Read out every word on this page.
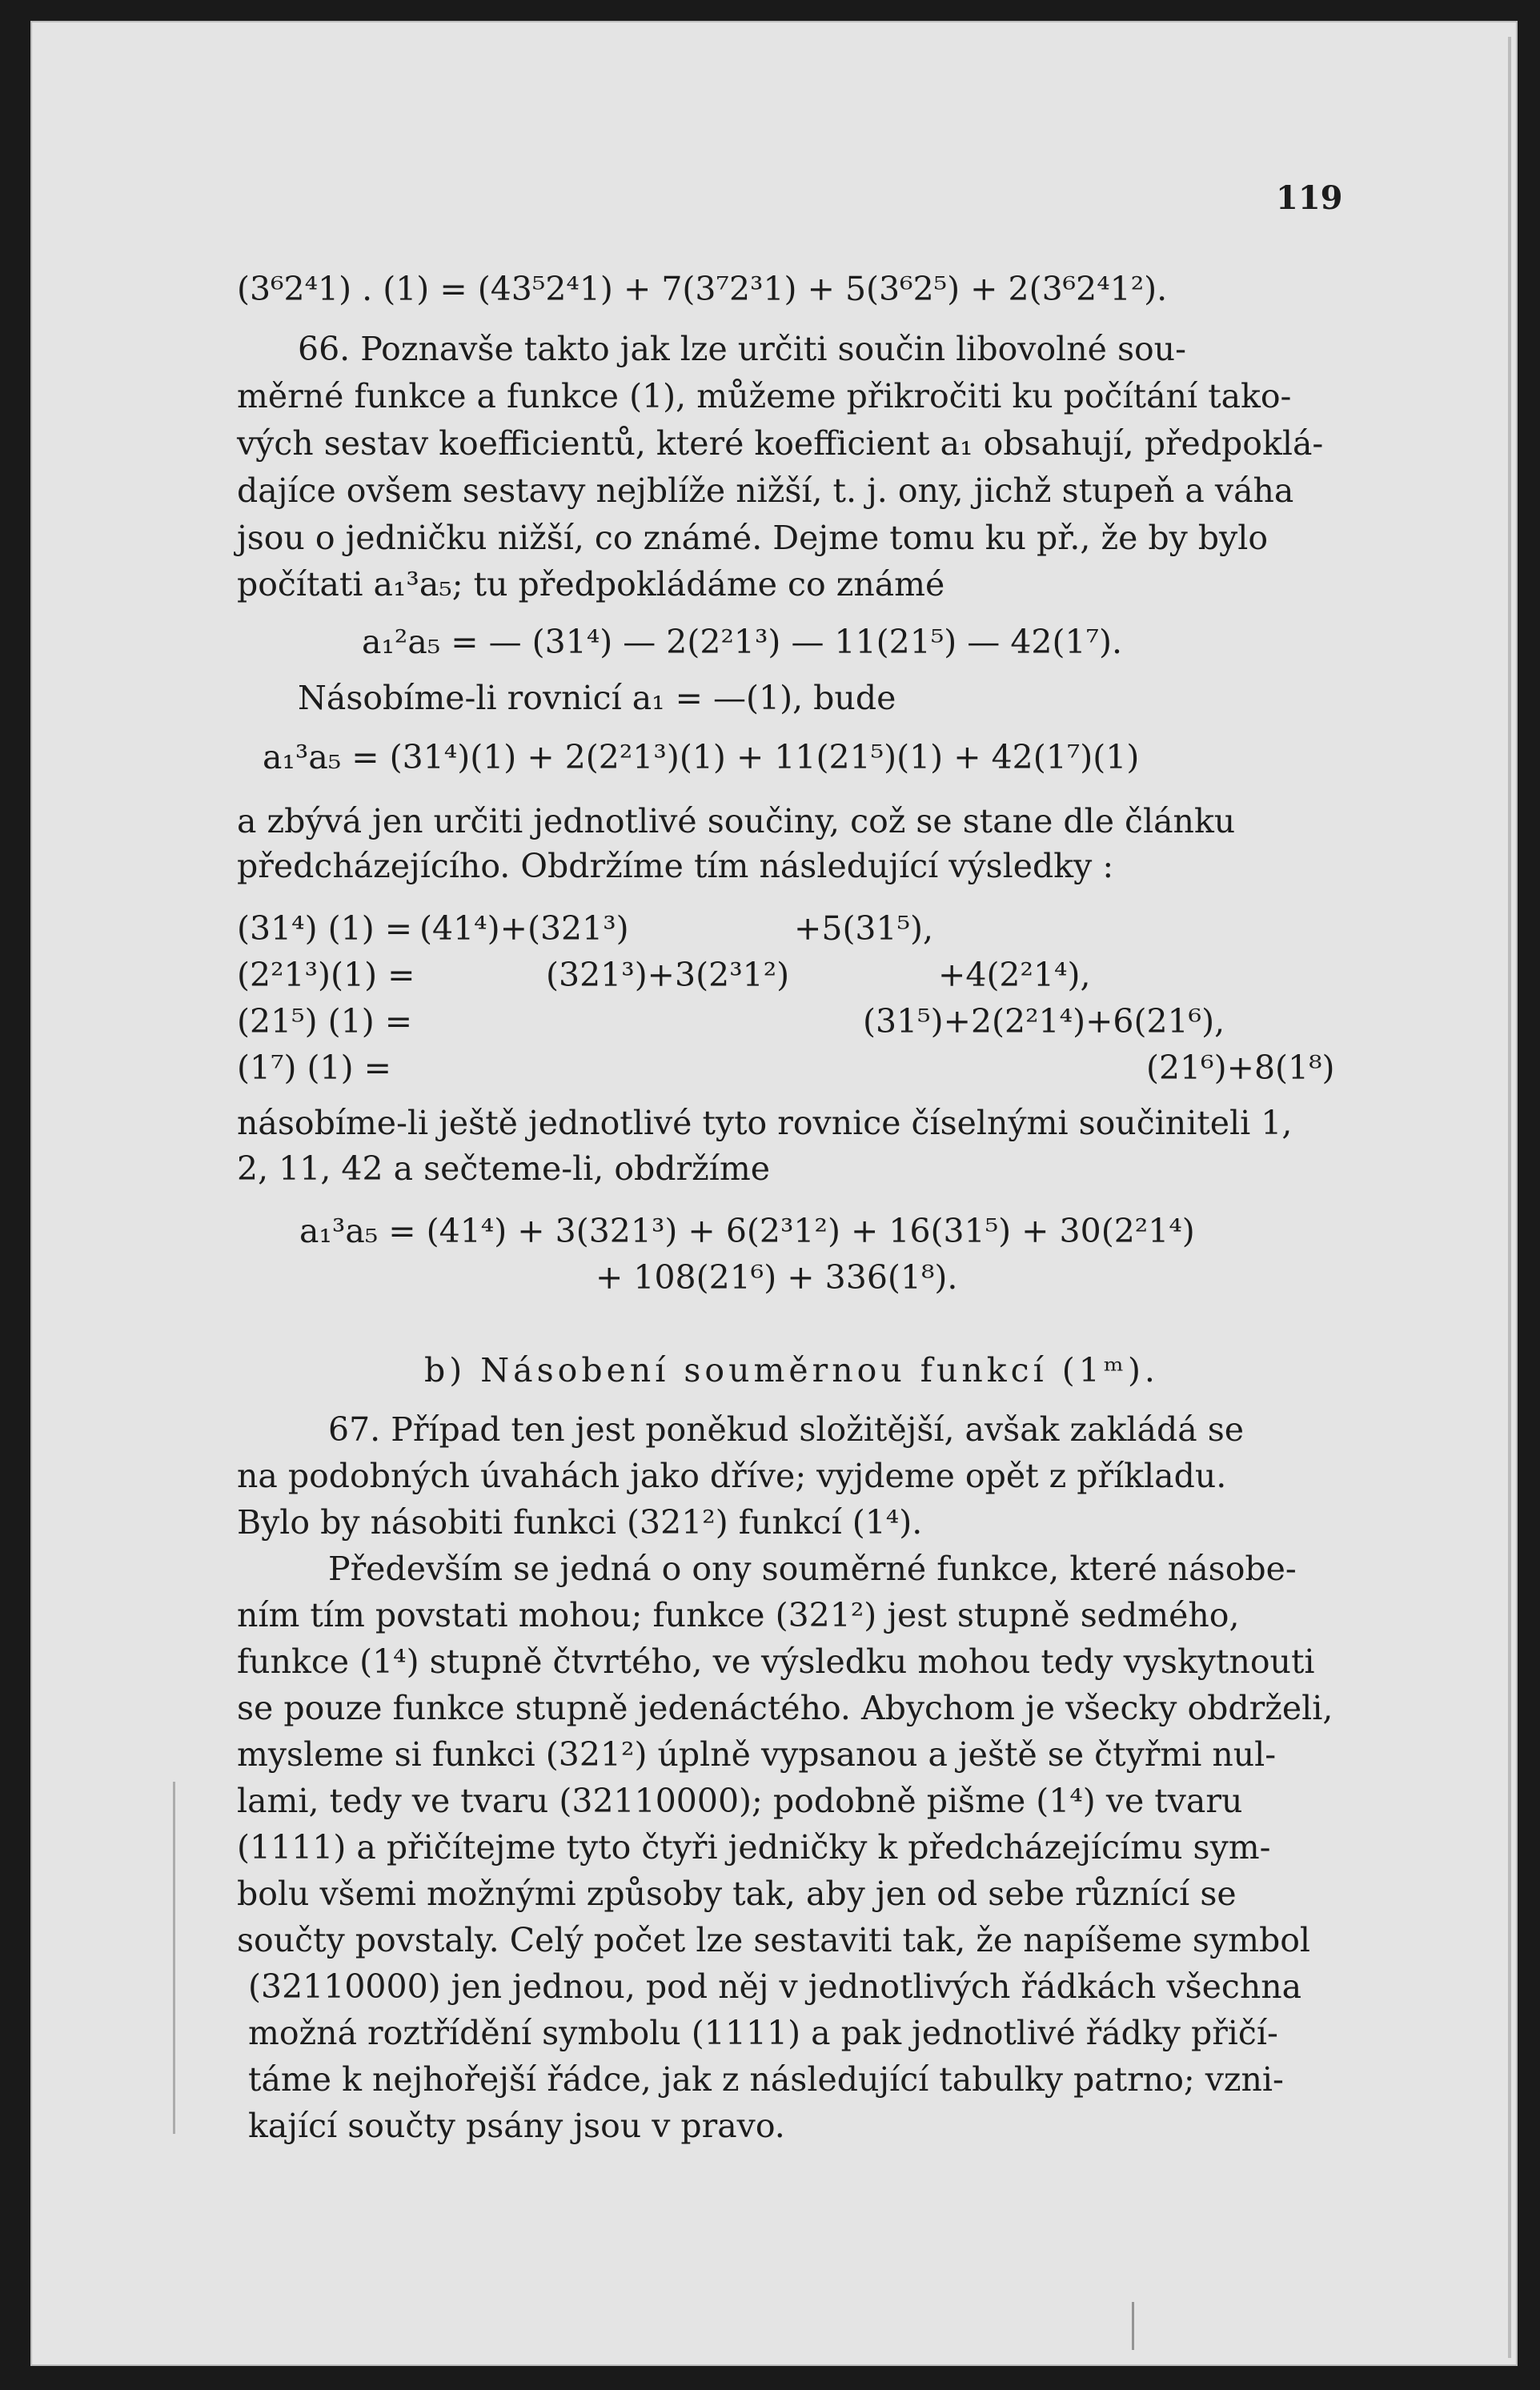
119
(3⁶2⁴1) . (1) = (43⁵2⁴1) + 7(3⁷2³1) + 5(3⁶2⁵) + 2(3⁶2⁴1²).
66. Poznavše takto jak lze určiti součin libovolné sou-
měrné funkce a funkce (1), můžeme přikročiti ku počítání tako-
vých sestav koefficientů, které koefficient a₁ obsahují, předpoklá-
dajíce ovšem sestavy nejblíže nižší, t. j. ony, jichž stupeň a váha
jsou o jedničku nižší, co známé. Dejme tomu ku př., že by bylo
počítati a₁³a₅; tu předpokládáme co známé
a₁²a₅ = — (31⁴) — 2(2²1³) — 11(21⁵) — 42(1⁷).
Násobíme-li rovnicí a₁ = —(1), bude
a₁³a₅ = (31⁴)(1) + 2(2²1³)(1) + 11(21⁵)(1) + 42(1⁷)(1)
a zbývá jen určiti jednotlivé součiny, což se stane dle článku
předcházejícího. Obdržíme tím následující výsledky :
(31⁴) (1) = (41⁴)+(321³)	+5(31⁵),
(2²1³)(1) =	(321³)+3(2³1²)	+4(2²1⁴),
(21⁵) (1) =	(31⁵)+2(2²1⁴)+6(21⁶),
(1⁷) (1) =	(21⁶)+8(1⁸)
násobíme-li ještě jednotlivé tyto rovnice číselnými součiniteli 1,
2, 11, 42 a sečteme-li, obdržíme
a₁³a₅ = (41⁴) + 3(321³) + 6(2³1²) + 16(31⁵) + 30(2²1⁴)
+ 108(21⁶) + 336(1⁸).
b) Násobení souměrnou funkcí (1ᵐ).
67. Případ ten jest poněkud složitější, avšak zakládá se
na podobných úvahách jako dříve; vyjdeme opět z příkladu.
Bylo by násobiti funkci (321²) funkcí (1⁴).
Především se jedná o ony souměrné funkce, které násobe-
ním tím povstati mohou; funkce (321²) jest stupně sedmého,
funkce (1⁴) stupně čtvrtého, ve výsledku mohou tedy vyskytnouti
se pouze funkce stupně jedenáctého. Abychom je všecky obdrželi,
mysleme si funkci (321²) úplně vypsanou a ještě se čtyřmi nul-
lami, tedy ve tvaru (32110000); podobně pišme (1⁴) ve tvaru
(1111) a přičítejme tyto čtyři jedničky k předcházejícímu sym-
bolu všemi možnými způsoby tak, aby jen od sebe různící se
součty povstaly. Celý počet lze sestaviti tak, že napíšeme symbol
(32110000) jen jednou, pod něj v jednotlivých řádkách všechna
možná roztřídění symbolu (1111) a pak jednotlivé řádky přičí-
táme k nejhořejší řádce, jak z následující tabulky patrno; vzni-
kající součty psány jsou v pravo.
